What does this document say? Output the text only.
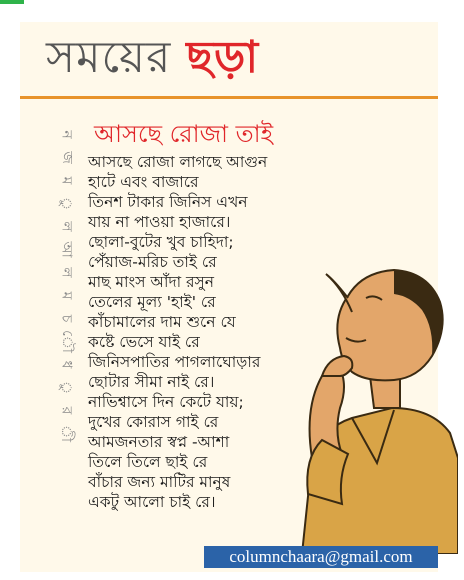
সময়ের ছড়া
ন
জ
ম
ু
ল
আ
ল
ম
চ
ৌ
ধ
ু
র
ী
আসছে রোজা তাই
আসছে রোজা লাগছে আগুন
হাটে এবং বাজারে
তিনশ টাকার জিনিস এখন
যায় না পাওয়া হাজারে।
ছোলা-বুটের খুব চাহিদা;
পেঁয়াজ-মরিচ তাই রে
মাছ মাংস আঁদা রসুন
তেলের মূল্য 'হাই' রে
কাঁচামালের দাম শুনে যে
কষ্টে ভেসে যাই রে
জিনিসপাতির পাগলাঘোড়ার
ছোটার সীমা নাই রে।
নাভিশ্বাসে দিন কেটে যায়;
দুখের কোরাস গাই রে
আমজনতার স্বপ্ন -আশা
তিলে তিলে ছাই রে
বাঁচার জন্য মাটির মানুষ
একটু আলো চাই রে।
columnchaara@gmail.com
